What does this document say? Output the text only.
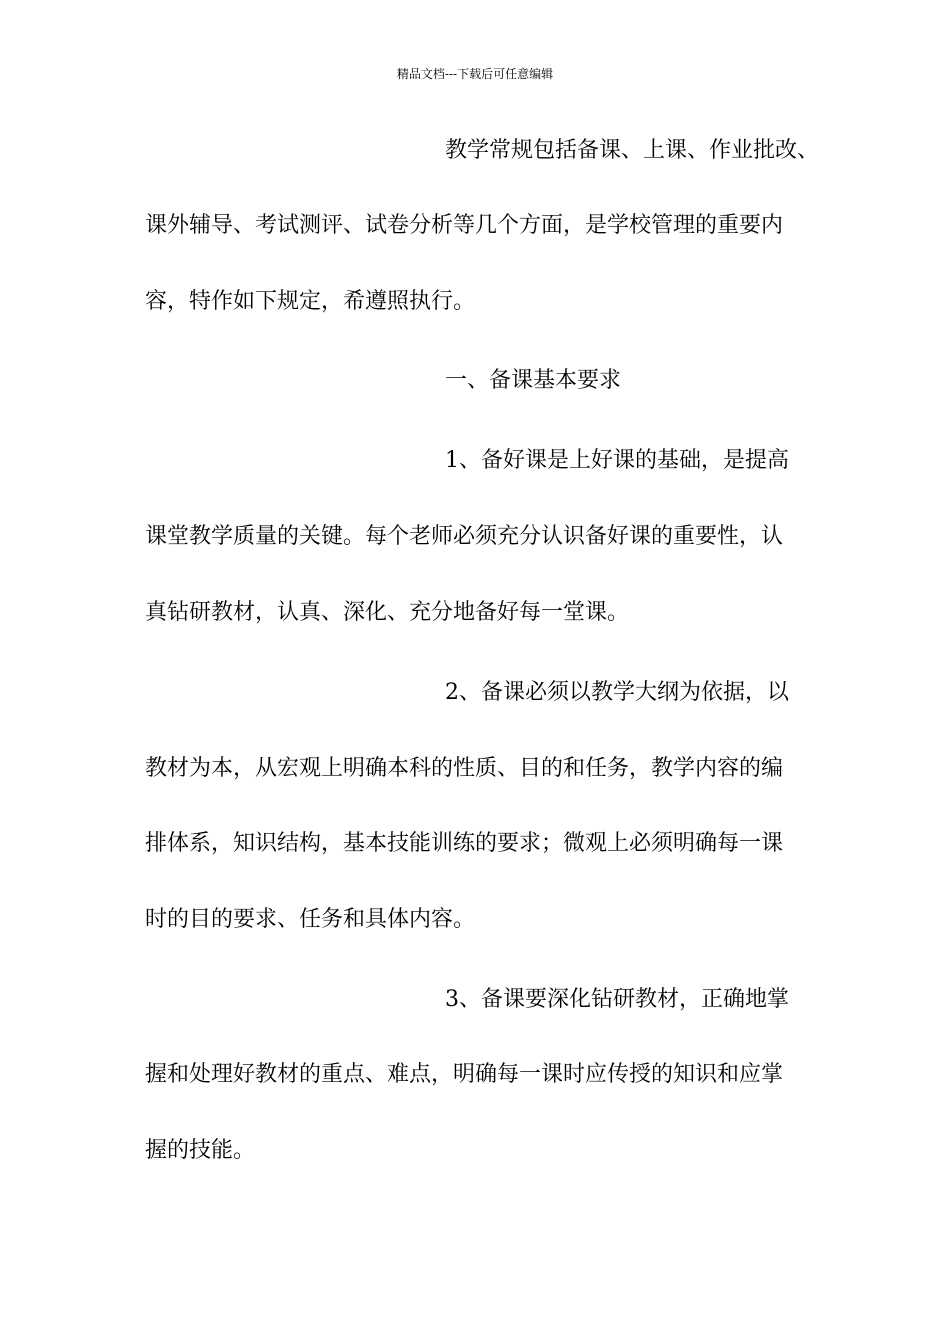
精品文档---下载后可任意编辑
教学常规包括备课、上课、作业批改、
课外辅导、考试测评、试卷分析等几个方面，是学校管理的重要内
容，特作如下规定，希遵照执行。
一、备课基本要求
1、备好课是上好课的基础，是提高
课堂教学质量的关键。每个老师必须充分认识备好课的重要性，认
真钻研教材，认真、深化、充分地备好每一堂课。
2、备课必须以教学大纲为依据，以
教材为本，从宏观上明确本科的性质、目的和任务，教学内容的编
排体系，知识结构，基本技能训练的要求；微观上必须明确每一课
时的目的要求、任务和具体内容。
3、备课要深化钻研教材，正确地掌
握和处理好教材的重点、难点，明确每一课时应传授的知识和应掌
握的技能。
